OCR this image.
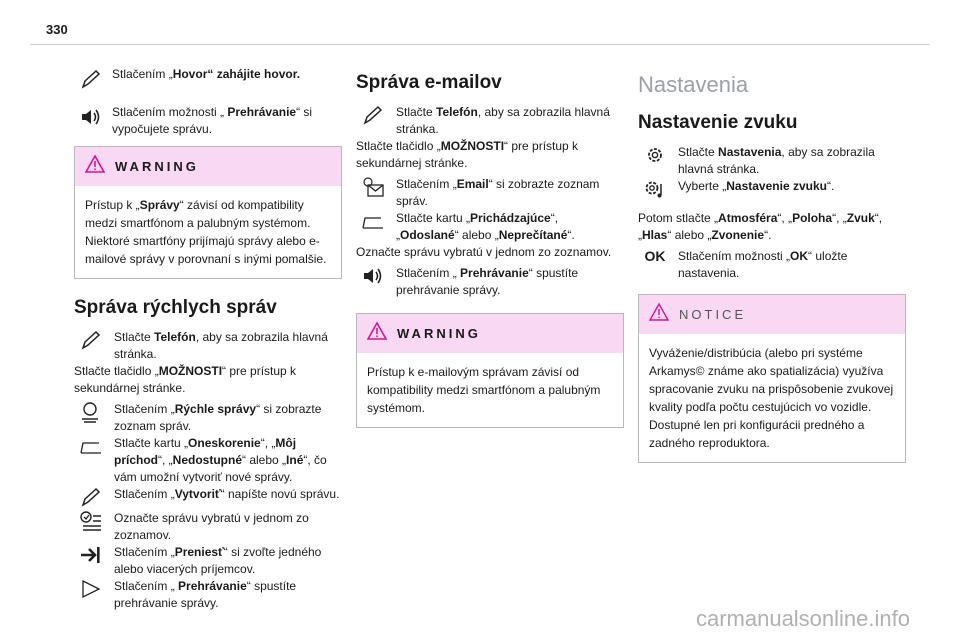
330
Stlačením „Hovor“ zahájite hovor.
Stlačením možnosti „ Prehrávanie“ si vypočujete správu.
WARNING
Prístup k „Správy“ závisí od kompatibility medzi smartfónom a palubným systémom. Niektoré smartfóny prijímajú správy alebo e-mailové správy v porovnaní s inými pomalšie.
Správa rýchlych správ
Stlačte Telefón, aby sa zobrazila hlavná stránka.

Stlačte tlačidlo „MOŽNOSTI“ pre prístup k sekundárnej stránke.

Stlačením „Rýchle správy“ si zobrazte zoznam správ.
Stlačte kartu „Oneskorenie“, „Môj príchod“, „Nedostupné“ alebo „Iné“, čo vám umožní vytvoriť nové správy.
Stlačením „Vytvoriť“ napíšte novú správu.
Označte správu vybratú v jednom zo zoznamov.
Stlačením „Preniesť“ si zvoľte jedného alebo viacerých príjemcov.
Stlačením „ Prehrávanie“ spustíte prehrávanie správy.
Správa e-mailov
Stlačte Telefón, aby sa zobrazila hlavná stránka.

Stlačte tlačidlo „MOŽNOSTI“ pre prístup k sekundárnej stránke.

Stlačením „Email“ si zobrazte zoznam správ.
Stlačte kartu „Prichádzajúce“, „Odoslané“ alebo „Neprečítané“.

Označte správu vybratú v jednom zo zoznamov.

Stlačením „ Prehrávanie“ spustíte prehrávanie správy.
WARNING
Prístup k e-mailovým správam závisí od kompatibility medzi smartfónom a palubným systémom.
Nastavenia
Nastavenie zvuku
Stlačte Nastavenia, aby sa zobrazila hlavná stránka.
Vyberte „Nastavenie zvuku“.

Potom stlačte „Atmosféra“, „Poloha“, „Zvuk“, „Hlas“ alebo „Zvonenie“.

OK	Stlačením možnosti „OK“ uložte nastavenia.
NOTICE
Vyváženie/distribúcia (alebo pri systéme Arkamys© známe ako spatializácia) využíva spracovanie zvuku na prispôsobenie zvukovej kvality podľa počtu cestujúcich vo vozidle. Dostupné len pri konfigurácii predného a zadného reproduktora.
carmanualsonline.info
